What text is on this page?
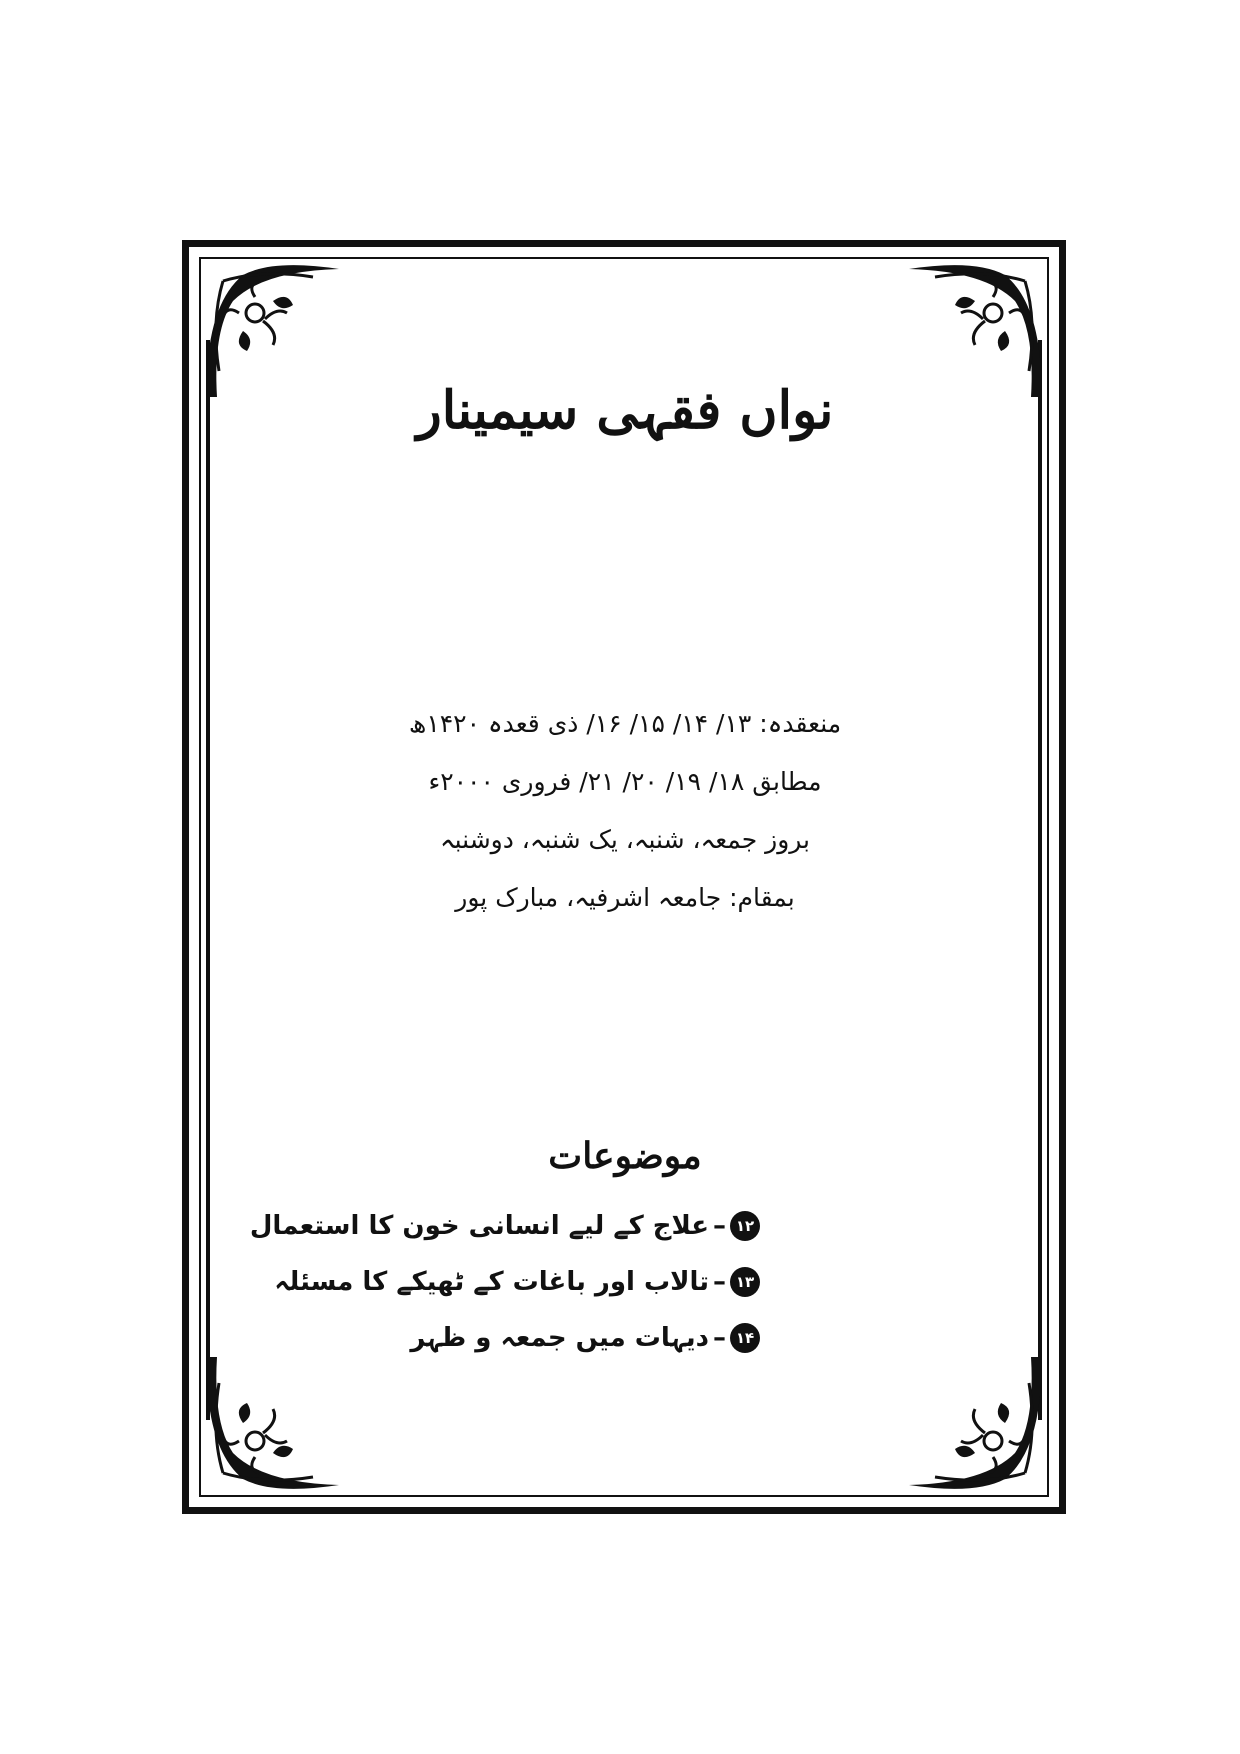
نواں فقہی سیمینار
منعقدہ: ۱۳/ ۱۴/ ۱۵/ ۱۶/ ذی قعدہ ۱۴۲۰ھ
مطابق ۱۸/ ۱۹/ ۲۰/ ۲۱/ فروری ۲۰۰۰ء
بروز جمعہ، شنبہ، یک شنبہ، دوشنبہ
بمقام: جامعہ اشرفیہ، مبارک پور
موضوعات
۱۲
–
علاج کے لیے انسانی خون کا استعمال
۱۳
–
تالاب اور باغات کے ٹھیکے کا مسئلہ
۱۴
–
دیہات میں جمعہ و ظہر
